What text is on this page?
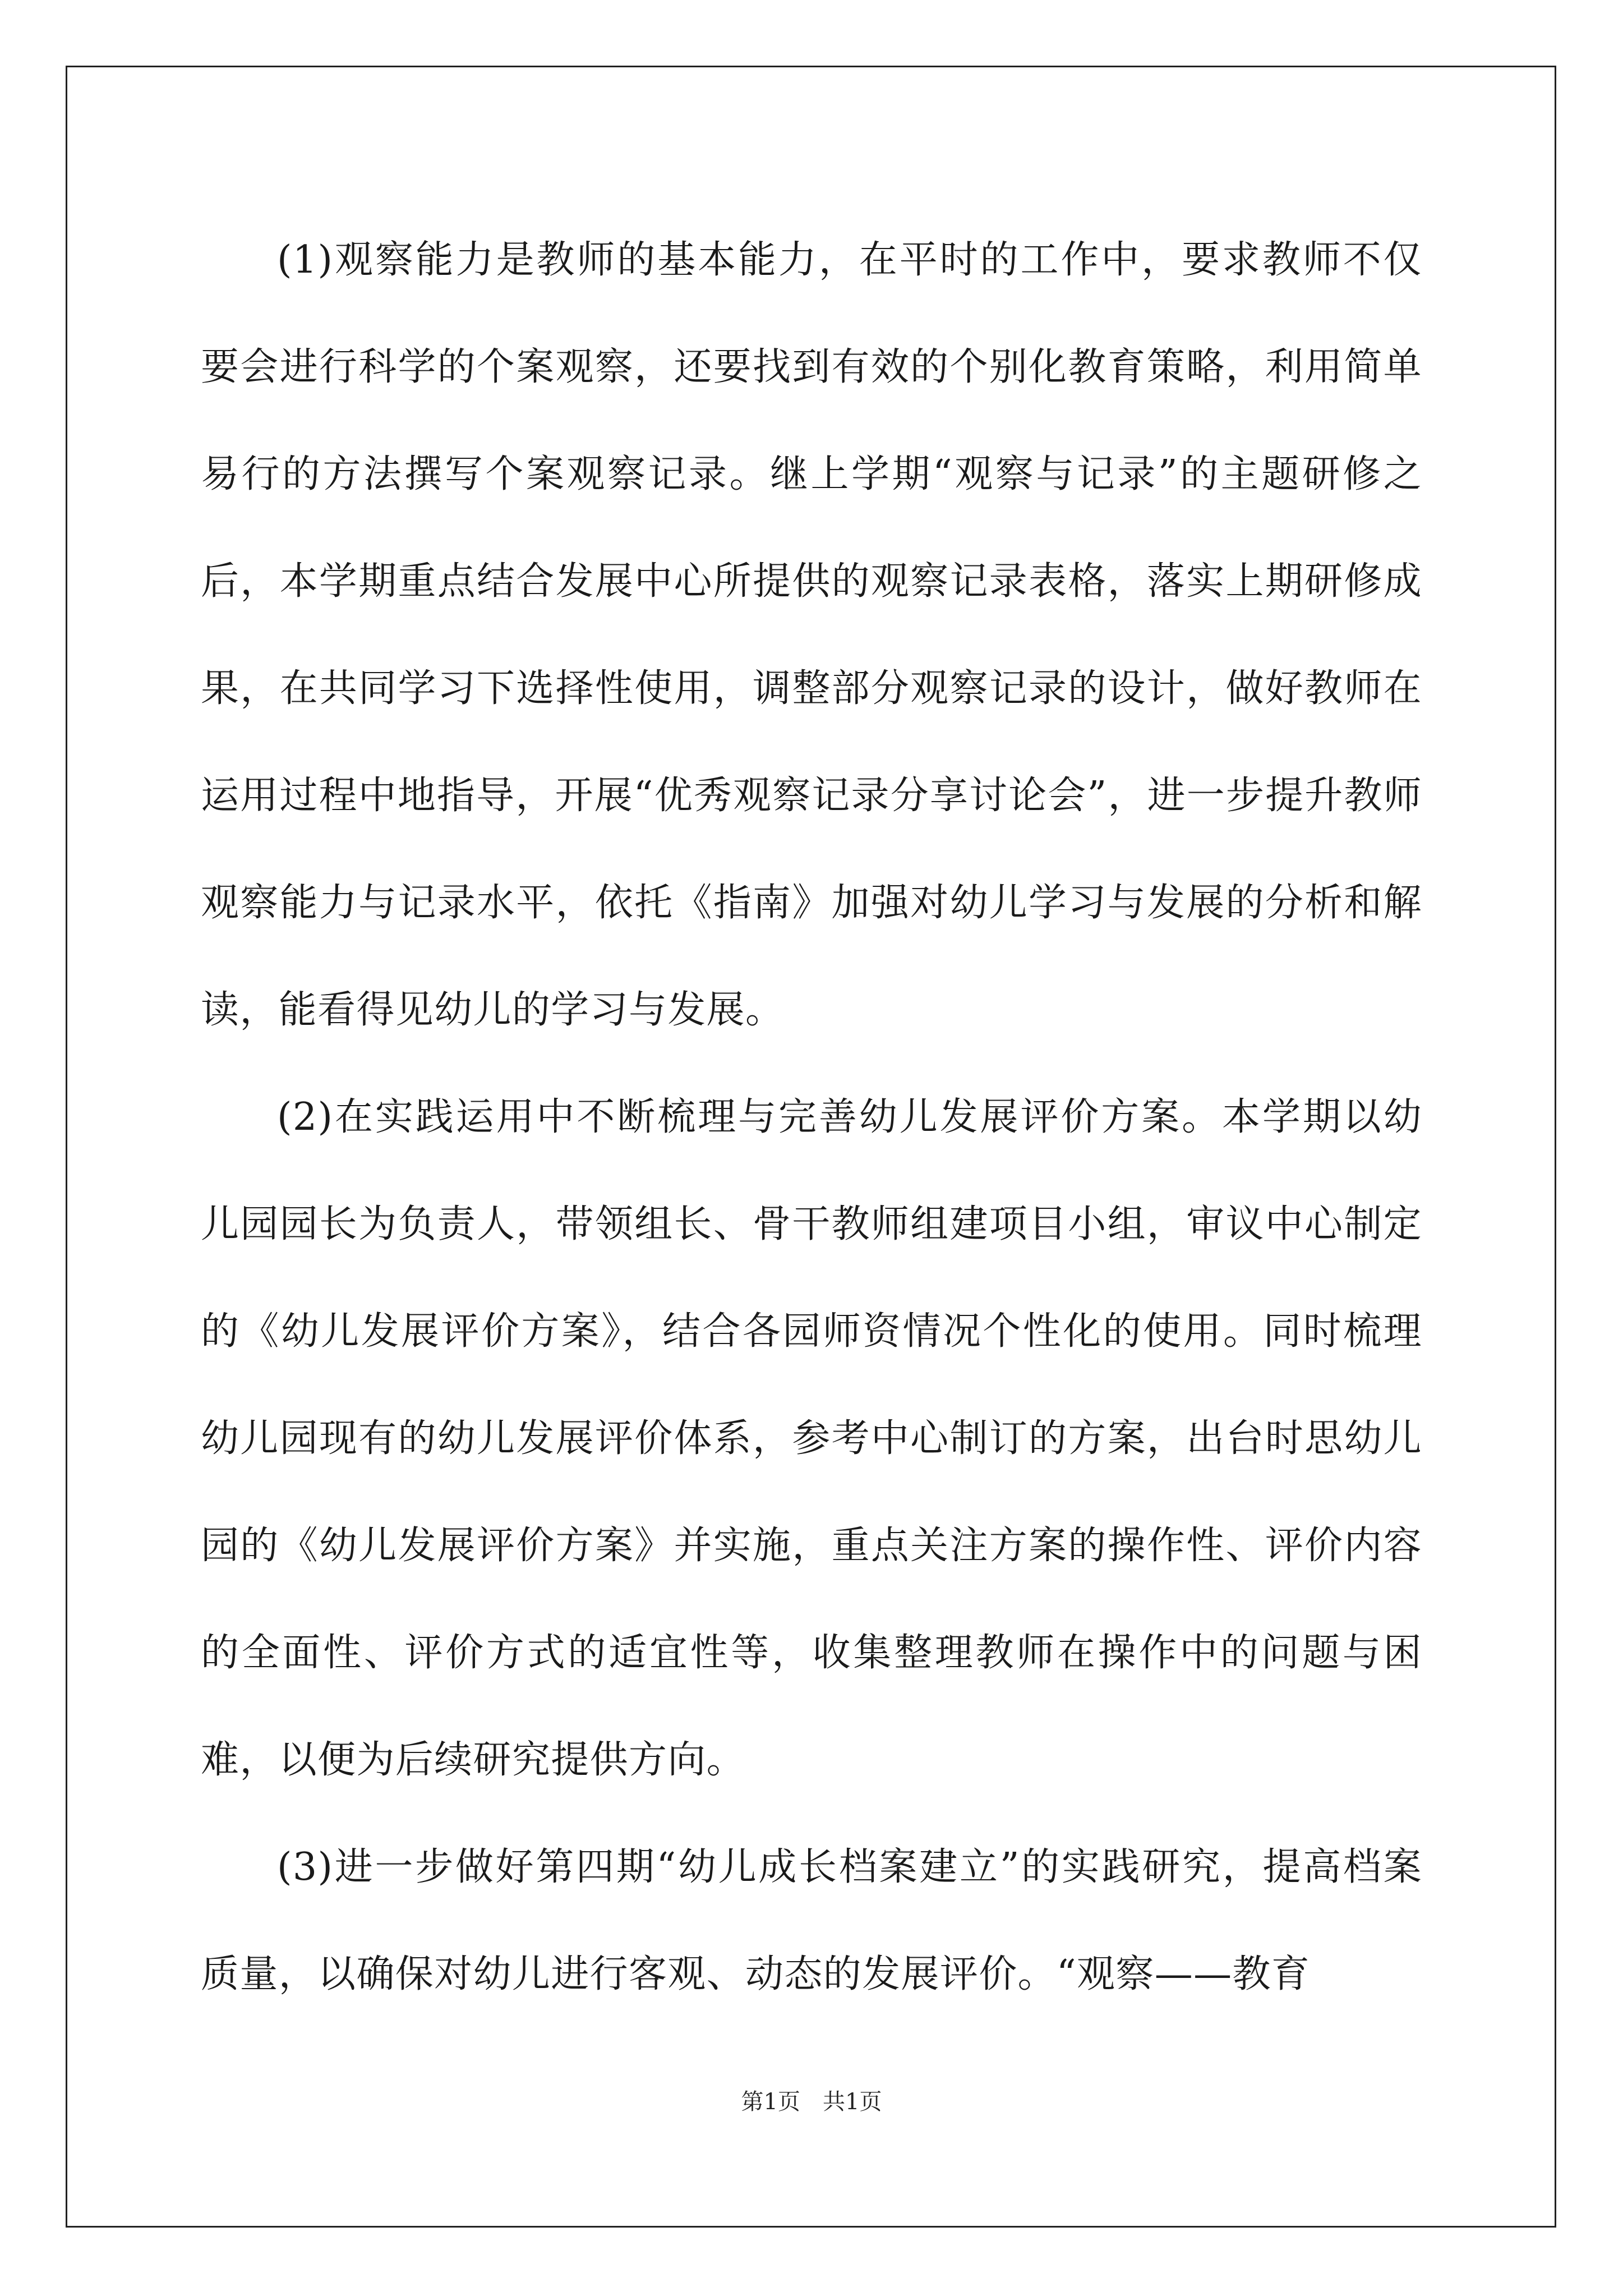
(1)观察能力是教师的基本能力，在平时的工作中，要求教师不仅要会进行科学的个案观察，还要找到有效的个别化教育策略，利用简单易行的方法撰写个案观察记录。继上学期“观察与记录”的主题研修之后，本学期重点结合发展中心所提供的观察记录表格，落实上期研修成果，在共同学习下选择性使用，调整部分观察记录的设计，做好教师在运用过程中地指导，开展“优秀观察记录分享讨论会”，进一步提升教师观察能力与记录水平，依托《指南》加强对幼儿学习与发展的分析和解读，能看得见幼儿的学习与发展。

(2)在实践运用中不断梳理与完善幼儿发展评价方案。本学期以幼儿园园长为负责人，带领组长、骨干教师组建项目小组，审议中心制定的《幼儿发展评价方案》，结合各园师资情况个性化的使用。同时梳理幼儿园现有的幼儿发展评价体系，参考中心制订的方案，出台时思幼儿园的《幼儿发展评价方案》并实施，重点关注方案的操作性、评价内容的全面性、评价方式的适宜性等，收集整理教师在操作中的问题与困难，以便为后续研究提供方向。

(3)进一步做好第四期“幼儿成长档案建立”的实践研究，提高档案质量，以确保对幼儿进行客观、动态的发展评价。“观察——教育

第1页　共1页
